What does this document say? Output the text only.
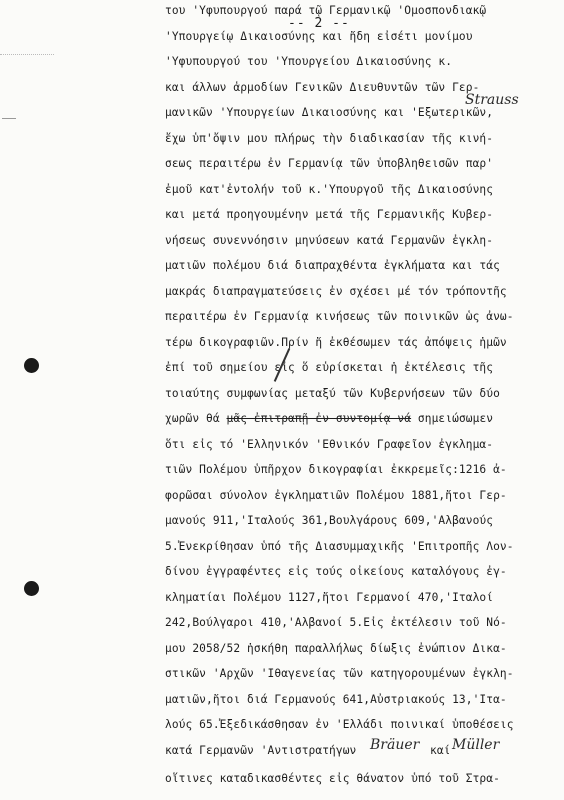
-- 2 --
του 'Υφυπουργού παρά τῷ Γερμανικῷ 'Ομοσπονδιακῷ
'Υπουργείῳ Δικαιοσύνης και ἤδη εἰσέτι μονίμου
'Υφυπουργού του 'Υπουργείου Δικαιοσύνης κ.
και άλλων ἁρμοδίων Γενικῶν Διευθυντῶν τῶν Γερ-
μανικῶν 'Υπουργείων Δικαιοσύνης και 'Εξωτερικῶν,
ἔχω ὑπ'ὄψιν μου πλήρως τὴν διαδικασίαν τῆς κινή-
σεως περαιτέρω ἐν Γερμανίᾳ τῶν ὑποβληθεισῶν παρ'
ἐμοῦ κατ'ἐντολήν τοῦ κ.'Υπουργοῦ τῆς Δικαιοσύνης
και μετά προηγουμένην μετά τῆς Γερμανικῆς Κυβερ-
νήσεως συνεννόησιν μηνύσεων κατά Γερμανῶν ἐγκλη-
ματιῶν πολέμου διά διαπραχθέντα ἐγκλήματα και τάς
μακράς διαπραγματεύσεις ἐν σχέσει μέ τόν τρόποντῆς
περαιτέρω ἐν Γερμανίᾳ κινήσεως τῶν ποινικῶν ὡς ἀνω-
τέρω δικογραφιῶν.Πρίν ἤ ἐκθέσωμεν τάς ἀπόψεις ἡμῶν
ἐπί τοῦ σημείου εἰς ὅ εὑρίσκεται ἡ ἐκτέλεσις τῆς
τοιαύτης συμφωνίας μεταξύ τῶν Κυβερνήσεων τῶν δύο
χωρῶν θά μᾶς ἐπιτραπῇ ἐν συντομίᾳ νά σημειώσωμεν
ὅτι εἰς τό 'Ελληνικόν 'Εθνικόν Γραφεῖον ἐγκλημα-
τιῶν Πολέμου ὑπῆρχον δικογραφίαι ἐκκρεμεῖς:1216 ἀ-
φορῶσαι σύνολον ἐγκληματιῶν Πολέμου 1881,ἤτοι Γερ-
μανούς 911,'Ιταλούς 361,Βουλγάρους 609,'Αλβανούς
5.Ἐνεκρίθησαν ὑπό τῆς Διασυμμαχικῆς 'Επιτροπῆς Λον-
δίνου ἐγγραφέντες εἰς τούς οἰκείους καταλόγους ἐγ-
κληματίαι Πολέμου 1127,ἤτοι Γερμανοί 470,'Ιταλοί
242,Βούλγαροι 410,'Αλβανοί 5.Εἰς ἐκτέλεσιν τοῦ Νό-
μου 2058/52 ἠσκήθη παραλλήλως δίωξις ἐνώπιον Δικα-
στικῶν 'Αρχῶν 'Ιθαγενείας τῶν κατηγορουμένων ἐγκλη-
ματιῶν,ἤτοι διά Γερμανούς 641,Αὐστριακούς 13,'Ιτα-
λούς 65.Ἐξεδικάσθησαν ἐν 'Ελλάδι ποινικαί ὑποθέσεις
Strauss
κατά Γερμανῶν 'Αντιστρατήγων Bräuer καί Müller
οἵτινες καταδικασθέντες εἰς θάνατον ὑπό τοῦ Στρα-
